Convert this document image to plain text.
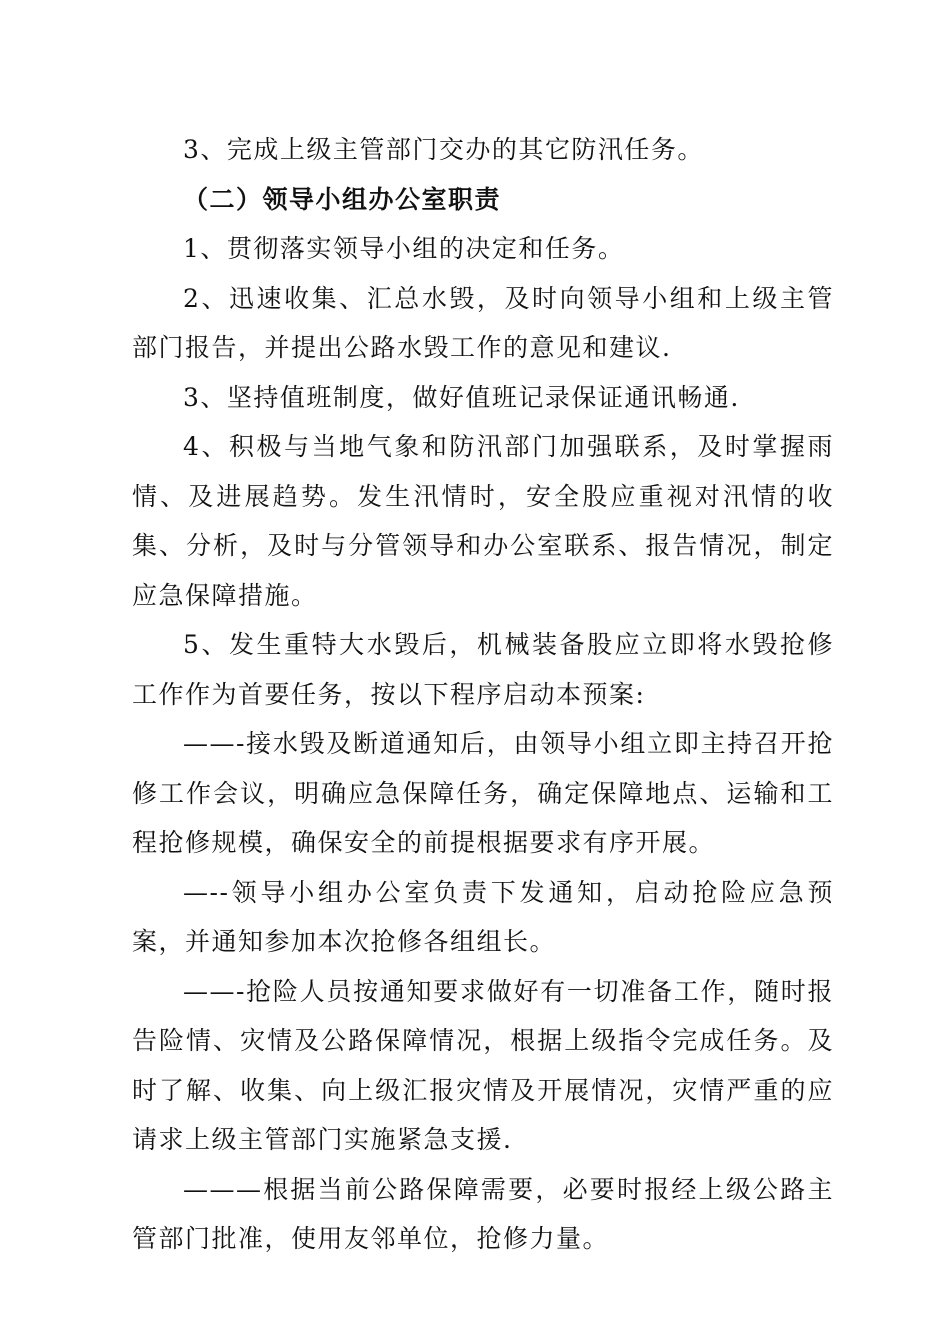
3、完成上级主管部门交办的其它防汛任务。

（二）领导小组办公室职责

1、贯彻落实领导小组的决定和任务。

2、迅速收集、汇总水毁，及时向领导小组和上级主管部门报告，并提出公路水毁工作的意见和建议.

3、坚持值班制度，做好值班记录保证通讯畅通.

4、积极与当地气象和防汛部门加强联系，及时掌握雨情、及进展趋势。发生汛情时，安全股应重视对汛情的收集、分析，及时与分管领导和办公室联系、报告情况，制定应急保障措施。

5、发生重特大水毁后，机械装备股应立即将水毁抢修工作作为首要任务，按以下程序启动本预案:

——-接水毁及断道通知后，由领导小组立即主持召开抢修工作会议，明确应急保障任务，确定保障地点、运输和工程抢修规模，确保安全的前提根据要求有序开展。

—--领导小组办公室负责下发通知，启动抢险应急预案，并通知参加本次抢修各组组长。

——-抢险人员按通知要求做好有一切准备工作，随时报告险情、灾情及公路保障情况，根据上级指令完成任务。及时了解、收集、向上级汇报灾情及开展情况，灾情严重的应请求上级主管部门实施紧急支援.

———根据当前公路保障需要，必要时报经上级公路主管部门批准，使用友邻单位，抢修力量。
